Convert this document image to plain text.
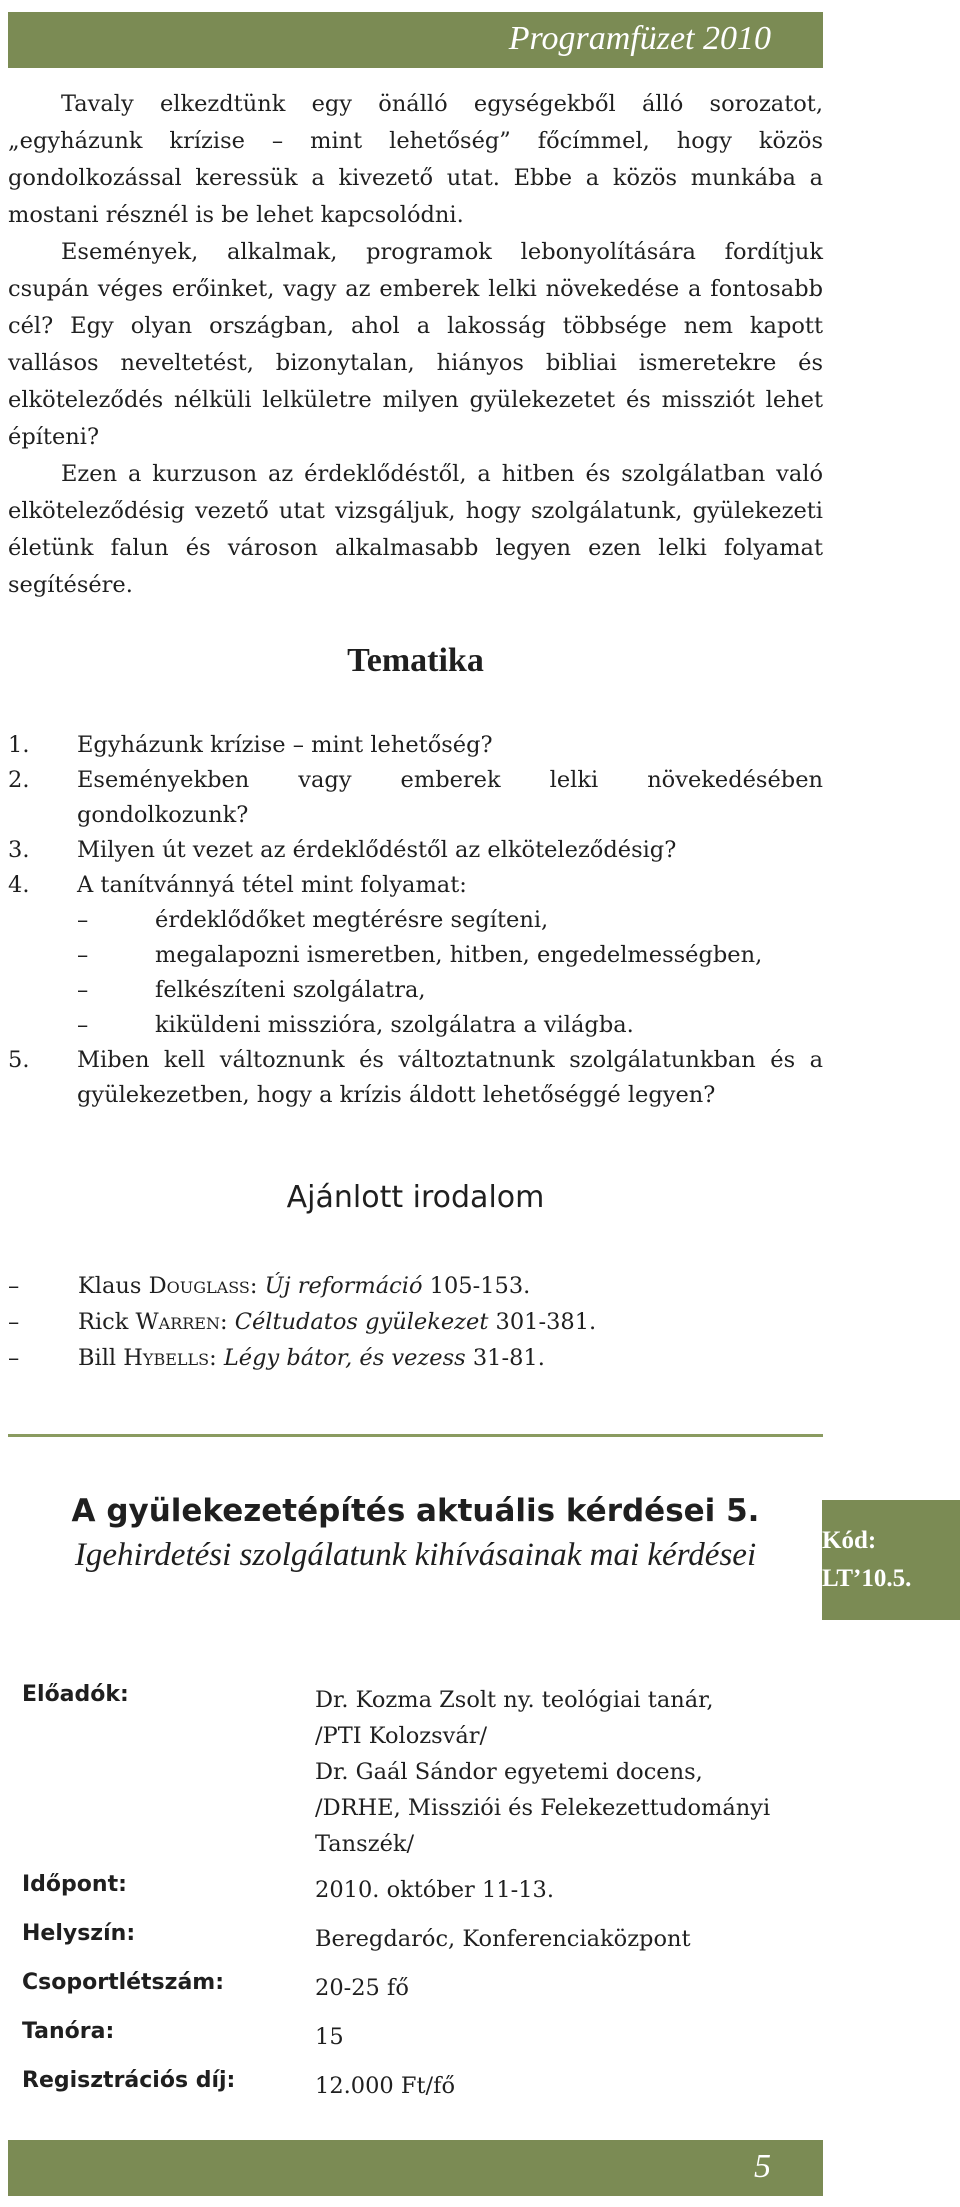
Programfüzet 2010

Tavaly elkezdtünk egy önálló egységekből álló sorozatot, „egyházunk krízise – mint lehetőség” főcímmel, hogy közös gondolkozással keressük a kivezető utat. Ebbe a közös munkába a mostani résznél is be lehet kapcsolódni.

Események, alkalmak, programok lebonyolítására fordítjuk csupán véges erőinket, vagy az emberek lelki növekedése a fontosabb cél? Egy olyan országban, ahol a lakosság többsége nem kapott vallásos neveltetést, bizonytalan, hiányos bibliai ismeretekre és elköteleződés nélküli lelkületre milyen gyülekezetet és missziót lehet építeni?

Ezen a kurzuson az érdeklődéstől, a hitben és szolgálatban való elköteleződésig vezető utat vizsgáljuk, hogy szolgálatunk, gyülekezeti életünk falun és városon alkalmasabb legyen ezen lelki folyamat segítésére.

Tematika
1. Egyházunk krízise – mint lehetőség?
2. Eseményekben vagy emberek lelki növekedésében gondolkozunk?
3. Milyen út vezet az érdeklődéstől az elköteleződésig?
4. A tanítvánnyá tétel mint folyamat:
–	érdeklődőket megtérésre segíteni,
–	megalapozni ismeretben, hitben, engedelmességben,
–	felkészíteni szolgálatra,
–	kiküldeni misszióra, szolgálatra a világba.
5. Miben kell változnunk és változtatnunk szolgálatunkban és a gyülekezetben, hogy a krízis áldott lehetőséggé legyen?
Ajánlott irodalom
–	Klaus Douglass: Új reformáció 105-153.
–	Rick Warren: Céltudatos gyülekezet 301-381.
–	Bill Hybells: Légy bátor, és vezess 31-81.
A gyülekezetépítés aktuális kérdései 5.
Igehirdetési szolgálatunk kihívásainak mai kérdései	Kód:
LT’10.5.
Előadók:	Dr. Kozma Zsolt ny. teológiai tanár,
/PTI Kolozsvár/
Dr. Gaál Sándor egyetemi docens,
/DRHE, Missziói és Felekezettudományi
Tanszék/
Időpont:	2010. október 11-13.
Helyszín:	Beregdaróc, Konferenciaközpont
Csoportlétszám:	20-25 fő
Tanóra:	15
Regisztrációs díj:	12.000 Ft/fő
5
